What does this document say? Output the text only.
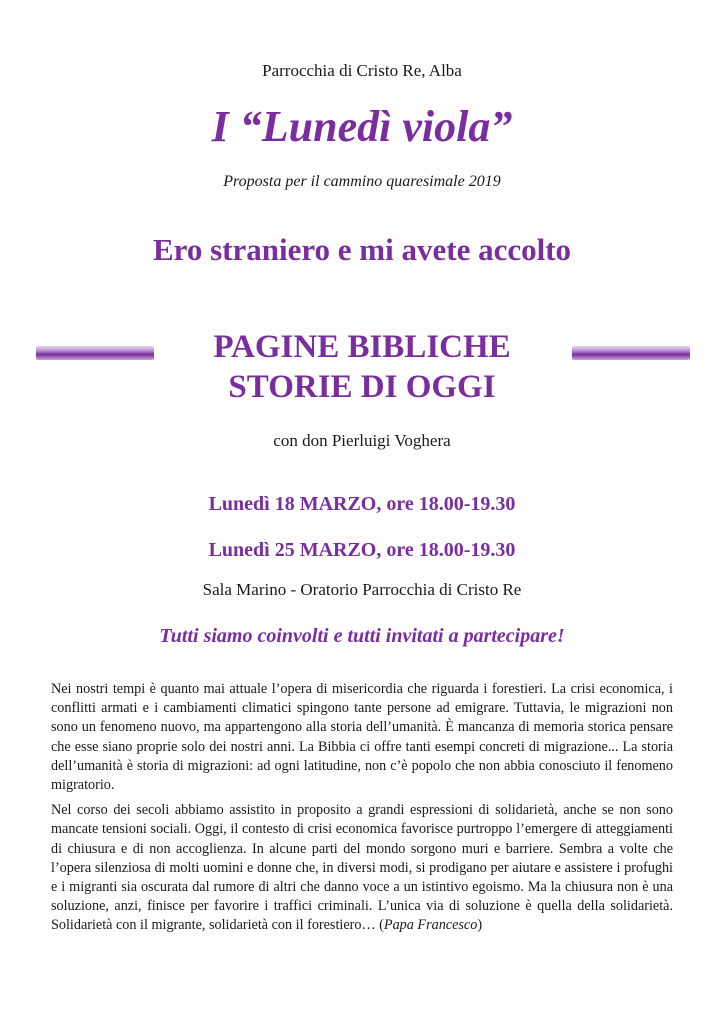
Parrocchia di Cristo Re, Alba
I “Lunedì viola”
Proposta per il cammino quaresimale 2019
Ero straniero e mi avete accolto
PAGINE BIBLICHE
STORIE DI OGGI
con don Pierluigi Voghera
Lunedì 18 MARZO, ore 18.00-19.30
Lunedì 25 MARZO, ore 18.00-19.30
Sala Marino - Oratorio Parrocchia di Cristo Re
Tutti siamo coinvolti e tutti invitati a partecipare!

Nei nostri tempi è quanto mai attuale l’opera di misericordia che riguarda i forestieri. La crisi economica, i conflitti armati e i cambiamenti climatici spingono tante persone ad emigrare. Tuttavia, le migrazioni non sono un fenomeno nuovo, ma appartengono alla storia dell’umanità. È mancanza di memoria storica pensare che esse siano proprie solo dei nostri anni. La Bibbia ci offre tanti esempi concreti di migrazione... La storia dell’umanità è storia di migrazioni: ad ogni latitudine, non c’è popolo che non abbia conosciuto il fenomeno migratorio.

Nel corso dei secoli abbiamo assistito in proposito a grandi espressioni di solidarietà, anche se non sono mancate tensioni sociali. Oggi, il contesto di crisi economica favorisce purtroppo l’emergere di atteggiamenti di chiusura e di non accoglienza. In alcune parti del mondo sorgono muri e barriere. Sembra a volte che l’opera silenziosa di molti uomini e donne che, in diversi modi, si prodigano per aiutare e assistere i profughi e i migranti sia oscurata dal rumore di altri che danno voce a un istintivo egoismo. Ma la chiusura non è una soluzione, anzi, finisce per favorire i traffici criminali. L’unica via di soluzione è quella della solidarietà. Solidarietà con il migrante, solidarietà con il forestiero… (Papa Francesco)
